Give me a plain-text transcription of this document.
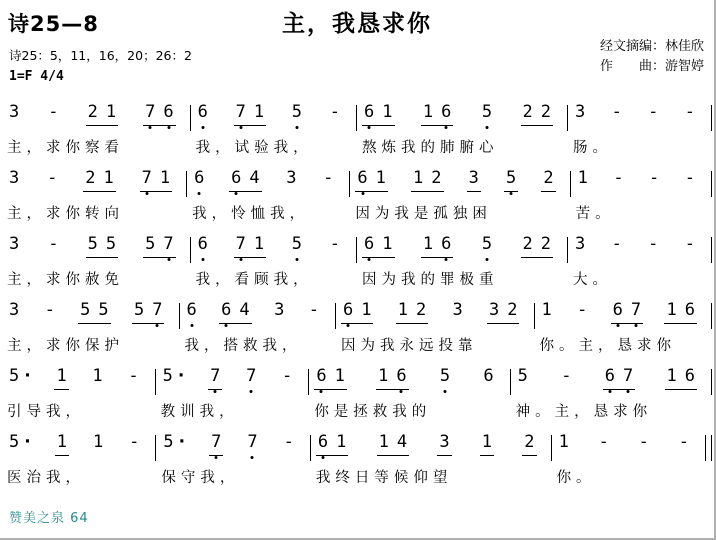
诗25—8	主，我恳求你
诗25：5，11，16，20；26：2
1=F 4/4
经文摘编：林佳欣
作　　曲：游智婷
3 - 2 1 7 6
主，求你察看
6 7 1 5 -
我，试验我，
6 1 1 6 5 2 2
熬炼我的肺腑心
3 - - -
肠。
3 - 2 1 7 1
主，求你转向
6 6 4 3 -
我，怜恤我，
6 1 1 2 3 5 2
因为我是孤独困
1 - - -
苦。
3 - 5 5 5 7
主，求你赦免
6 7 1 5 -
我，看顾我，
6 1 1 6 5 2 2
因为我的罪极重
3 - - -
大。
3 - 5 5 5 7
主，求你保护
6 6 4 3 -
我，搭救我，
6 1 1 2 3 3 2
因为我永远投靠
1 - 6 7 1 6
你。主，恳求你
5 · 1 1 -
引导我，
5 · 7 7 -
教训我，
6 1 1 6 5 6
你是拯救我的
5 - 6 7 1 6
神。主，恳求你
5 · 1 1 -
医治我，
5 · 7 7 -
保守我，
6 1 1 4 3 1 2
我终日等候仰望
1 - - -
你。
赞美之泉 64
